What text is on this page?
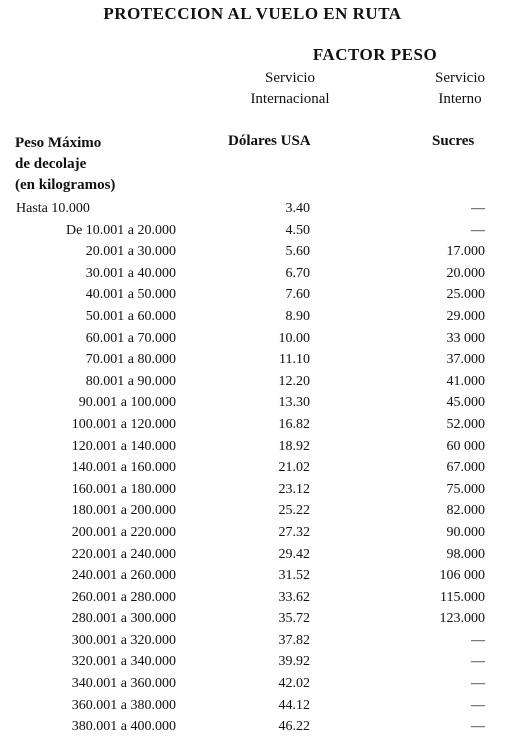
PROTECCION AL VUELO EN RUTA
FACTOR PESO
Servicio
Internacional
Servicio
Interno
Peso Máximo
de decolaje
(en kilogramos)
Dólares USA	Sucres
Hasta 10.000	3.40	—
De 10.001 a 20.000	4.50	—
20.001 a 30.000	5.60	17.000
30.001 a 40.000	6.70	20.000
40.001 a 50.000	7.60	25.000
50.001 a 60.000	8.90	29.000
60.001 a 70.000	10.00	33 000
70.001 a 80.000	11.10	37.000
80.001 a 90.000	12.20	41.000
90.001 a 100.000	13.30	45.000
100.001 a 120.000	16.82	52.000
120.001 a 140.000	18.92	60 000
140.001 a 160.000	21.02	67.000
160.001 a 180.000	23.12	75.000
180.001 a 200.000	25.22	82.000
200.001 a 220.000	27.32	90.000
220.001 a 240.000	29.42	98.000
240.001 a 260.000	31.52	106 000
260.001 a 280.000	33.62	115.000
280.001 a 300.000	35.72	123.000
300.001 a 320.000	37.82	—
320.001 a 340.000	39.92	—
340.001 a 360.000	42.02	—
360.001 a 380.000	44.12	—
380.001 a 400.000	46.22	—
